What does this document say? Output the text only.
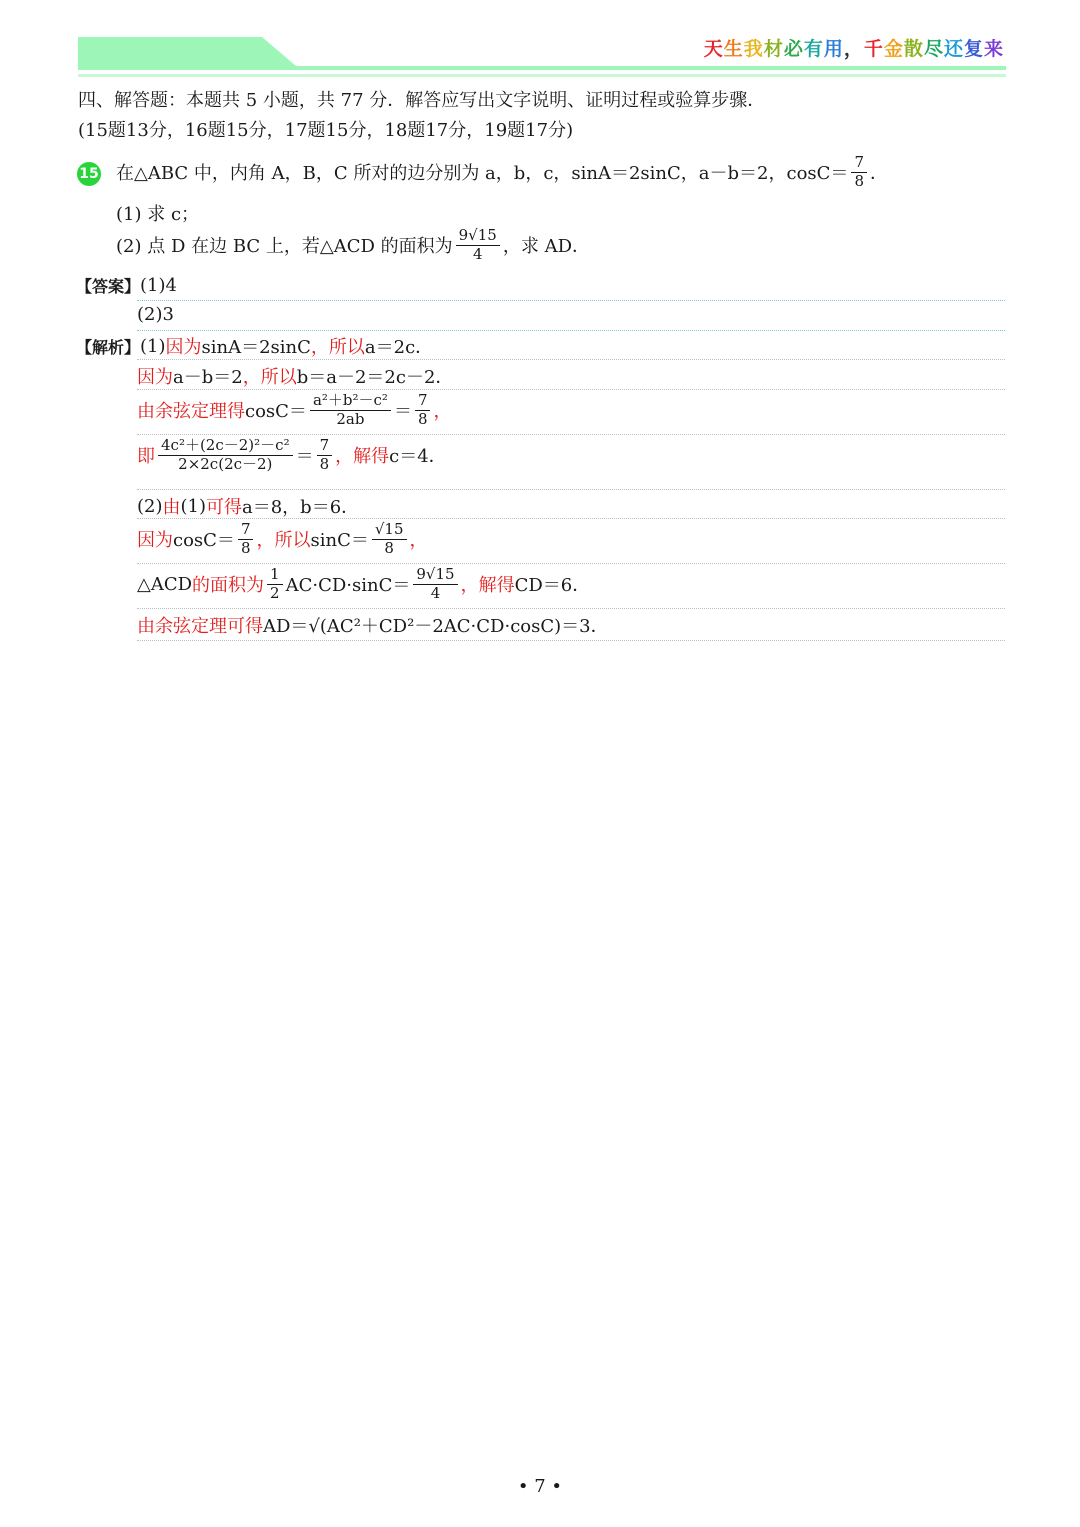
天生我材必有用，千金散尽还复来
四、解答题：本题共 5 小题，共 77 分．解答应写出文字说明、证明过程或验算步骤．
(15题13分，16题15分，17题15分，18题17分，19题17分)
15 在△ABC 中，内角 A，B，C 所对的边分别为 a，b，c，sinA＝2sinC，a－b＝2，$\cos C= \frac{7}{8}$ ．
(1) 求 c；
(2) 点 D 在边 BC 上，若△ACD 的面积为 $\frac{9√15}{4}$ ，求 AD．
【答案】 (1)4
(2)3
【解析】 (1) 因为 sinA＝2sinC ，所以 a＝2c．
因为 a－b＝2 ，所以 b＝a－2＝2c－2．
由余弦定理得 $\cos C= \frac{\text{a²＋b²－c²}}{2ab} = \frac{7}{8}$ ，
即 $\frac{\text{4c²＋(2c－2)²－c²}}{2\times 2c(2c-2)} = \frac{7}{8}$ ，解得 c＝4．
(2) 由 (1) 可得 a＝8，b＝6．
因为 $\cos C= \frac{7}{8}$ ，所以 $\sin C= \frac{√15}{8}$ ，
△ACD 的面积为 $\frac{1}{2} AC\cdot CD\cdot\sin C= \frac{9√15}{4}$ ，解得 CD＝6．
由余弦定理可得 AD＝√(AC²＋CD²－2AC·CD·cosC)＝3．
• 7 •
